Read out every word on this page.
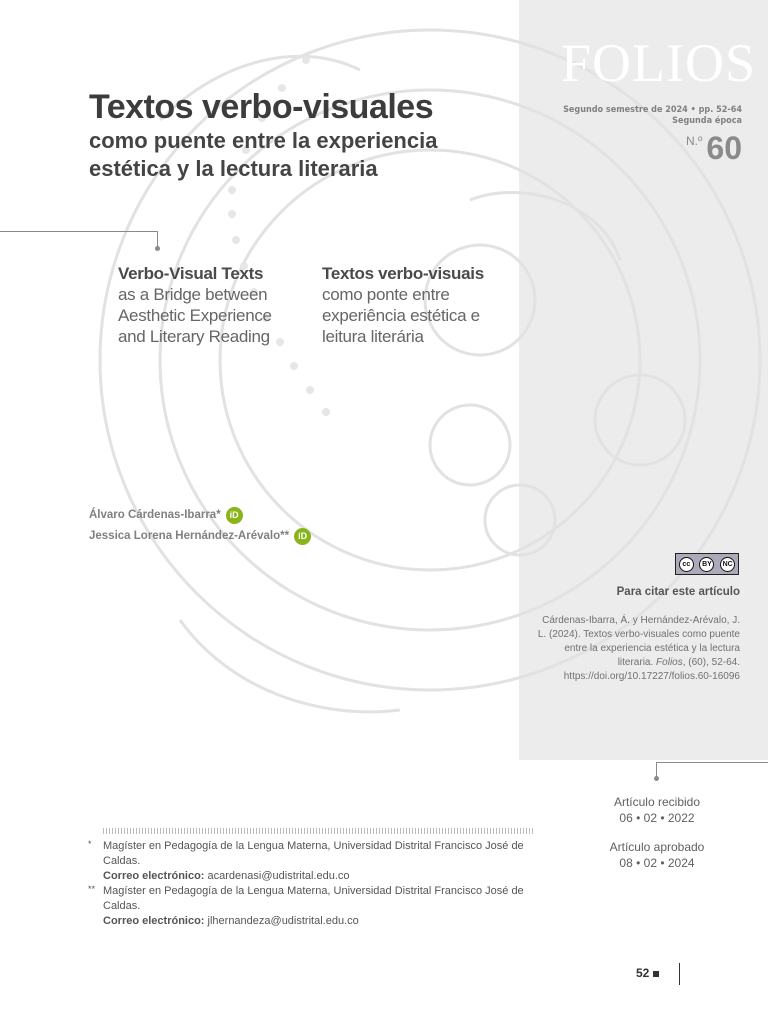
FOLIOS
Segundo semestre de 2024 • pp. 52-64
Segunda época
$^{N.º}$ 60
Textos verbo-visuales
como puente entre la experiencia
estética y la lectura literaria
Verbo-Visual Texts
as a Bridge between
Aesthetic Experience
and Literary Reading
Textos verbo-visuais
como ponte entre
experiência estética e
leitura literária
Álvaro Cárdenas-Ibarra*	iD
Jessica Lorena Hernández-Arévalo**	iD
cc	BY	NC
Para citar este artículo
Cárdenas-Ibarra, Á. y Hernández-Arévalo, J.
L. (2024). Textos verbo-visuales como puente
entre la experiencia estética y la lectura
literaria. Folios, (60), 52-64.
https://doi.org/10.17227/folios.60-16096
Artículo recibido
06 • 02 • 2022
Artículo aprobado
08 • 02 • 2024
* Magíster en Pedagogía de la Lengua Materna, Universidad Distrital Francisco José de Caldas.
Correo electrónico: acardenasi@udistrital.edu.co
** Magíster en Pedagogía de la Lengua Materna, Universidad Distrital Francisco José de Caldas.
Correo electrónico: jlhernandeza@udistrital.edu.co
52
